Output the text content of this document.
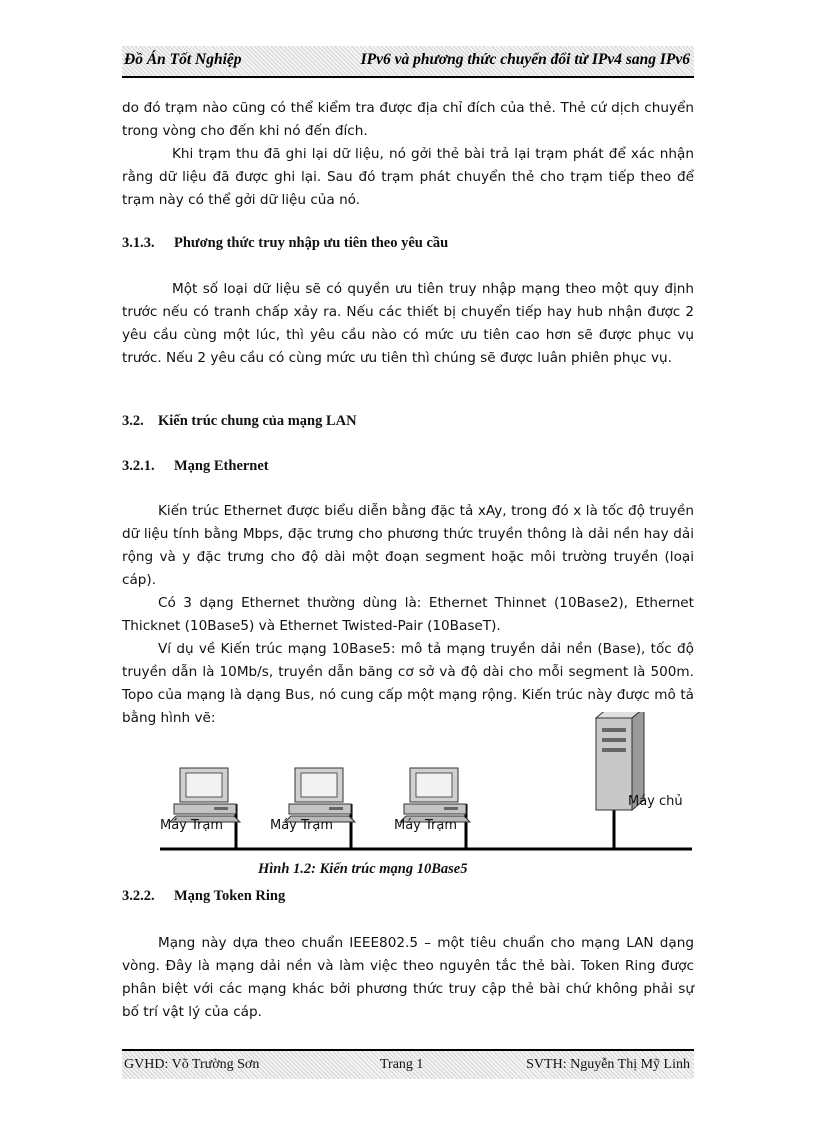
Đồ Án Tốt Nghiệp	IPv6 và phương thức chuyển đổi từ IPv4 sang IPv6

do đó trạm nào cũng có thể kiểm tra được địa chỉ đích của thẻ. Thẻ cứ dịch chuyển trong vòng cho đến khi nó đến đích.

Khi trạm thu đã ghi lại dữ liệu, nó gởi thẻ bài trả lại trạm phát để xác nhận rằng dữ liệu đã được ghi lại. Sau đó trạm phát chuyển thẻ cho trạm tiếp theo để trạm này có thể gởi dữ liệu của nó.

3.1.3. Phương thức truy nhập ưu tiên theo yêu cầu

Một số loại dữ liệu sẽ có quyền ưu tiên truy nhập mạng theo một quy định trước nếu có tranh chấp xảy ra. Nếu các thiết bị chuyển tiếp hay hub nhận được 2 yêu cầu cùng một lúc, thì yêu cầu nào có mức ưu tiên cao hơn sẽ được phục vụ trước. Nếu 2 yêu cầu có cùng mức ưu tiên thì chúng sẽ được luân phiên phục vụ.

3.2. Kiến trúc chung của mạng LAN

3.2.1. Mạng Ethernet

Kiến trúc Ethernet được biểu diễn bằng đặc tả xAy, trong đó x là tốc độ truyền dữ liệu tính bằng Mbps, đặc trưng cho phương thức truyền thông là dải nền hay dải rộng và y đặc trưng cho độ dài một đoạn segment hoặc môi trường truyền (loại cáp).

Có 3 dạng Ethernet thường dùng là: Ethernet Thinnet (10Base2), Ethernet Thicknet (10Base5) và Ethernet Twisted-Pair (10BaseT).

Ví dụ về Kiến trúc mạng 10Base5: mô tả mạng truyền dải nền (Base), tốc độ truyền dẫn là 10Mb/s, truyền dẫn băng cơ sở và độ dài cho mỗi segment là 500m. Topo của mạng là dạng Bus, nó cung cấp một mạng rộng. Kiến trúc này được mô tả bằng hình vẽ:

Máy Trạm	Máy Trạm	Máy Trạm
Máy chủ

Hình 1.2: Kiến trúc mạng 10Base5

3.2.2. Mạng Token Ring

Mạng này dựa theo chuẩn IEEE802.5 – một tiêu chuẩn cho mạng LAN dạng vòng. Đây là mạng dải nền và làm việc theo nguyên tắc thẻ bài. Token Ring được phân biệt với các mạng khác bởi phương thức truy cập thẻ bài chứ không phải sự bố trí vật lý của cáp.

GVHD: Võ Trường Sơn	Trang 1	SVTH: Nguyễn Thị Mỹ Linh
